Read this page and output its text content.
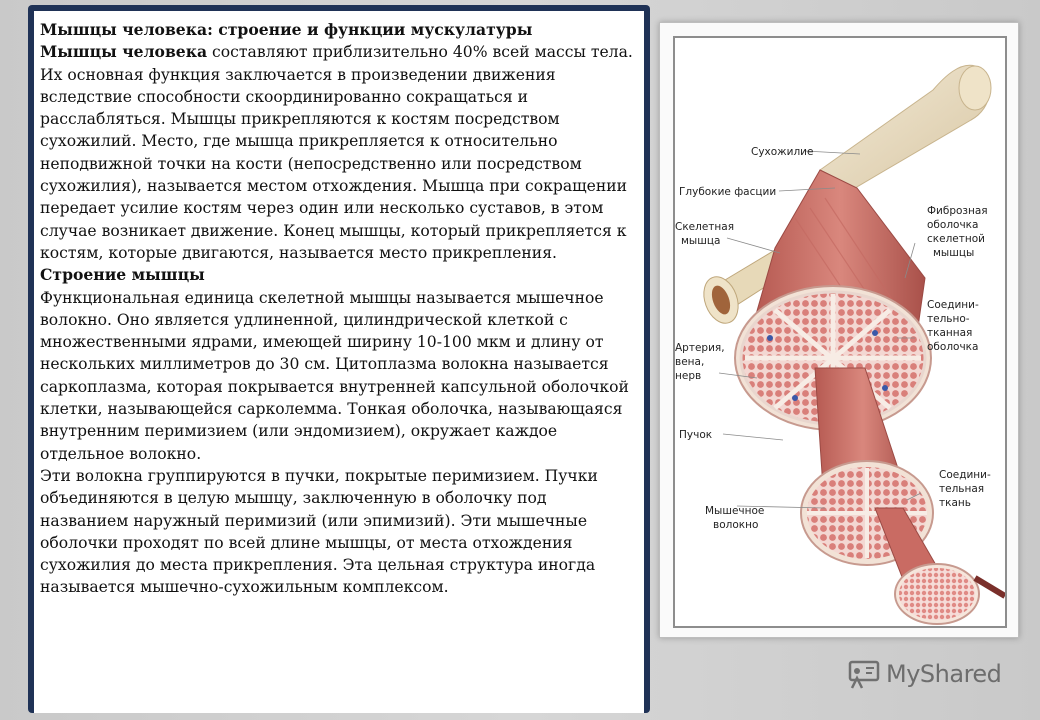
Мышцы человека: строение и функции мускулатуры

Мышцы человека составляют приблизительно 40% всей массы тела. Их основная функция заключается в произведении движения вследствие способности скоординированно сокращаться и расслабляться. Мышцы прикрепляются к костям посредством сухожилий. Место, где мышца прикрепляется к относительно неподвижной точки на кости (непосредственно или посредством сухожилия), называется местом отхождения. Мышца при сокращении передает усилие костям через один или несколько суставов, в этом случае возникает движение. Конец мышцы, который прикрепляется к костям, которые двигаются, называется место прикрепления.

Строение мышцы

Функциональная единица скелетной мышцы называется мышечное волокно. Оно является удлиненной, цилиндрической клеткой с множественными ядрами, имеющей ширину 10-100 мкм и длину от нескольких миллиметров до 30 см. Цитоплазма волокна называется саркоплазма, которая покрывается внутренней капсульной оболочкой клетки, называющейся сарколемма. Тонкая оболочка, называющаяся внутренним перимизием (или эндомизием), окружает каждое отдельное волокно.

Эти волокна группируются в пучки, покрытые перимизием. Пучки объединяются в целую мышцу, заключенную в оболочку под названием наружный перимизий (или эпимизий). Эти мышечные оболочки проходят по всей длине мышцы, от места отхождения сухожилия до места прикрепления. Эта цельная структура иногда называется мышечно-сухожильным комплексом.

Сухожилие
Глубокие фасции
Скелетная
мышца
Фиброзная
оболочка
скелетной
мышцы
Соедини-
тельно-
тканная
оболочка
Артерия,
вена,
нерв
Пучок
Соедини-
тельная
ткань
Мышечное
волокно
MyShared
